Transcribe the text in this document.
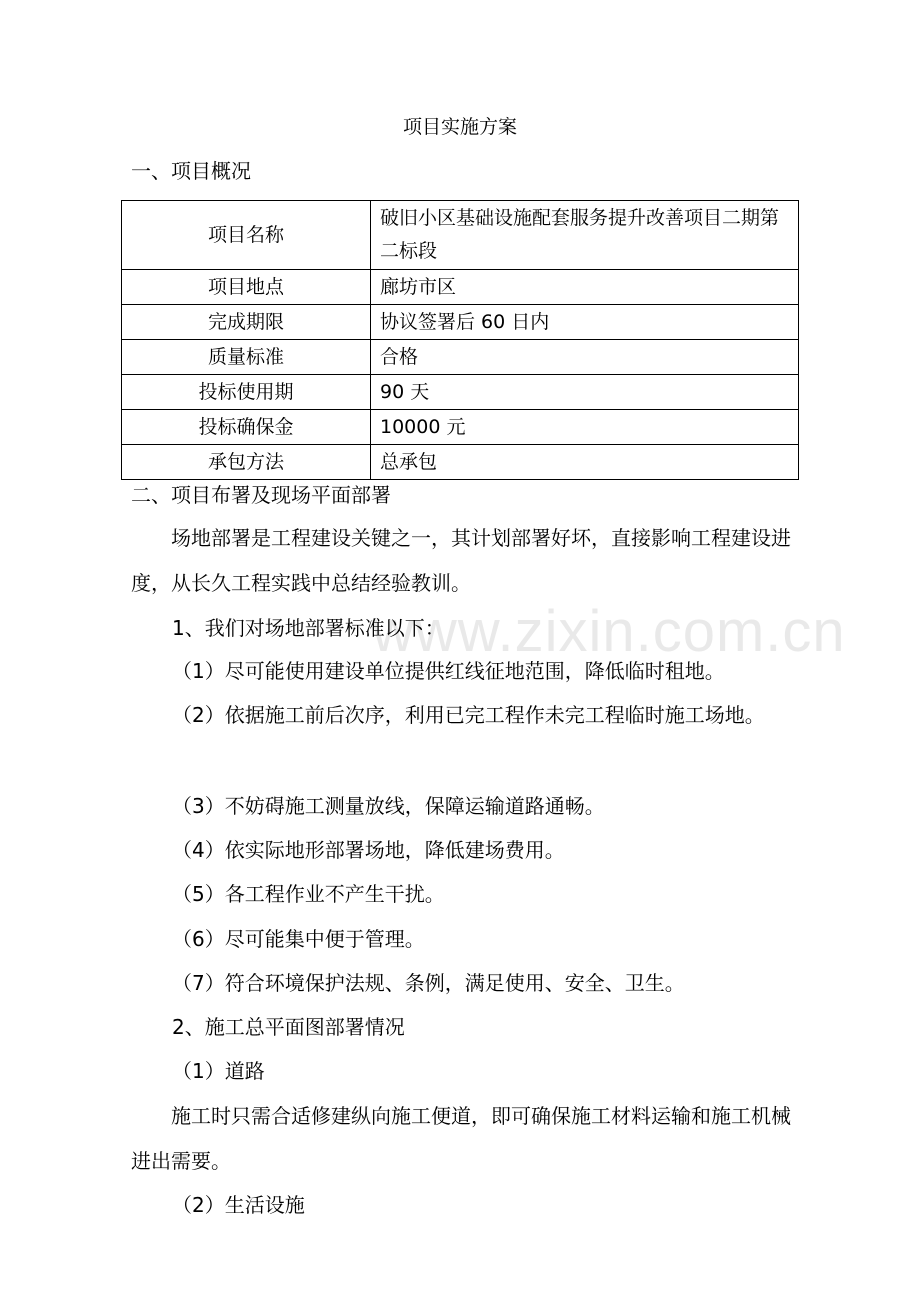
www.zixin.com.cn
项目实施方案
一、项目概况
项目名称	破旧小区基础设施配套服务提升改善项目二期第二标段
项目地点	廊坊市区
完成期限	协议签署后 60 日内
质量标准	合格
投标使用期	90 天
投标确保金	10000 元
承包方法	总承包
二、项目布署及现场平面部署
场地部署是工程建设关键之一，其计划部署好坏，直接影响工程建设进度，从长久工程实践中总结经验教训。
1、我们对场地部署标准以下：
（1）尽可能使用建设单位提供红线征地范围，降低临时租地。
（2）依据施工前后次序，利用已完工程作未完工程临时施工场地。
（3）不妨碍施工测量放线，保障运输道路通畅。
（4）依实际地形部署场地，降低建场费用。
（5）各工程作业不产生干扰。
（6）尽可能集中便于管理。
（7）符合环境保护法规、条例，满足使用、安全、卫生。
2、施工总平面图部署情况
（1）道路
施工时只需合适修建纵向施工便道，即可确保施工材料运输和施工机械进出需要。
（2）生活设施
